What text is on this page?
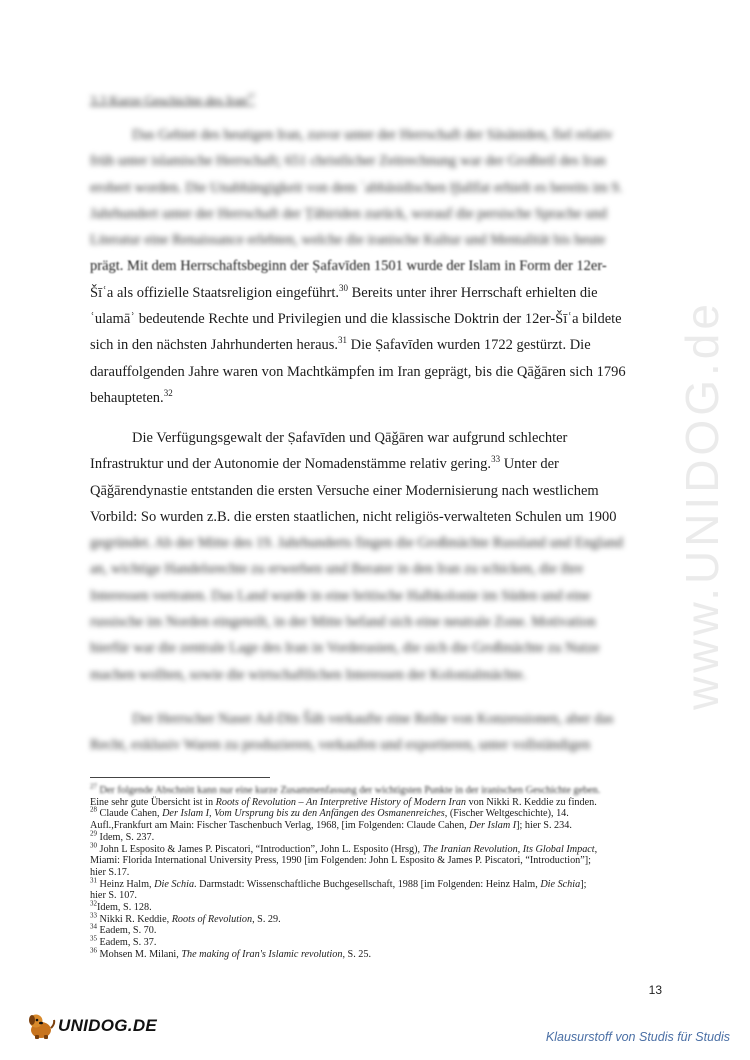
3.3 Kurze Geschichte des Iran$^{27}$

Das Gebiet des heutigen Iran, zuvor unter der Herrschaft der Sāsāniden, fiel relativ

früh unter islamische Herrschaft; 651 christlicher Zeitrechnung war der Großteil des Iran

erobert worden. Die Unabhängigkeit von dem ʿabbāsidischen Ḫalīfat erhielt es bereits im 9.

Jahrhundert unter der Herrschaft der Ṭāhiriden zurück, worauf die persische Sprache und

Literatur eine Renaissance erlebten, welche die iranische Kultur und Mentalität bis heute

prägt. Mit dem Herrschaftsbeginn der Ṣafavīden 1501 wurde der Islam in Form der 12er-

Šīʿa als offizielle Staatsreligion eingeführt.$^{30}$ Bereits unter ihrer Herrschaft erhielten die

ʿulamāʾ bedeutende Rechte und Privilegien und die klassische Doktrin der 12er-Šīʿa bildete

sich in den nächsten Jahrhunderten heraus.$^{31}$ Die Ṣafavīden wurden 1722 gestürzt. Die

darauffolgenden Jahre waren von Machtkämpfen im Iran geprägt, bis die Qāǧāren sich 1796

behaupteten.$^{32}$

Die Verfügungsgewalt der Ṣafavīden und Qāǧāren war aufgrund schlechter

Infrastruktur und der Autonomie der Nomadenstämme relativ gering.$^{33}$ Unter der

Qāǧārendynastie entstanden die ersten Versuche einer Modernisierung nach westlichem

Vorbild: So wurden z.B. die ersten staatlichen, nicht religiös-verwalteten Schulen um 1900

gegründet. Ab der Mitte des 19. Jahrhunderts fingen die Großmächte Russland und England

an, wichtige Handelsrechte zu erwerben und Berater in den Iran zu schicken, die ihre

Interessen vertraten. Das Land wurde in eine britische Halbkolonie im Süden und eine

russische im Norden eingeteilt, in der Mitte befand sich eine neutrale Zone. Motivation

hierfür war die zentrale Lage des Iran in Vorderasien, die sich die Großmächte zu Nutze

machen wollten, sowie die wirtschaftlichen Interessen der Kolonialmächte.

Der Herrscher Naser Ad-Dīn Šāh verkaufte eine Reihe von Konzessionen, aber das

Recht, exklusiv Waren zu produzieren, verkaufen und exportieren, unter vollständigen

$^{27}$ Der folgende Abschnitt kann nur eine kurze Zusammenfassung der wichtigsten Punkte in der iranischen Geschichte geben.
Eine sehr gute Übersicht ist in Roots of Revolution – An Interpretive History of Modern Iran von Nikki R. Keddie zu finden.
$^{28}$ Claude Cahen, Der Islam I, Vom Ursprung bis zu den Anfängen des Osmanenreiches, (Fischer Weltgeschichte), 14.
Aufl.,Frankfurt am Main: Fischer Taschenbuch Verlag, 1968, [im Folgenden: Claude Cahen, Der Islam I]; hier S. 234.
$^{29}$ Idem, S. 237.
$^{30}$ John L Esposito & James P. Piscatori, “Introduction”, John L. Esposito (Hrsg), The Iranian Revolution, Its Global Impact,
Miami: Florida International University Press, 1990 [im Folgenden: John L Esposito & James P. Piscatori, “Introduction”];
hier S.17.
$^{31}$ Heinz Halm, Die Schia. Darmstadt: Wissenschaftliche Buchgesellschaft, 1988 [im Folgenden: Heinz Halm, Die Schia];
hier S. 107.
$^{32}$Idem, S. 128.
$^{33}$ Nikki R. Keddie, Roots of Revolution, S. 29.
$^{34}$ Eadem, S. 70.
$^{35}$ Eadem, S. 37.
$^{36}$ Mohsen M. Milani, The making of Iran's Islamic revolution, S. 25.
13
www.UNIDOG.de
UNIDOG.DE
Klausurstoff von Studis für Studis
